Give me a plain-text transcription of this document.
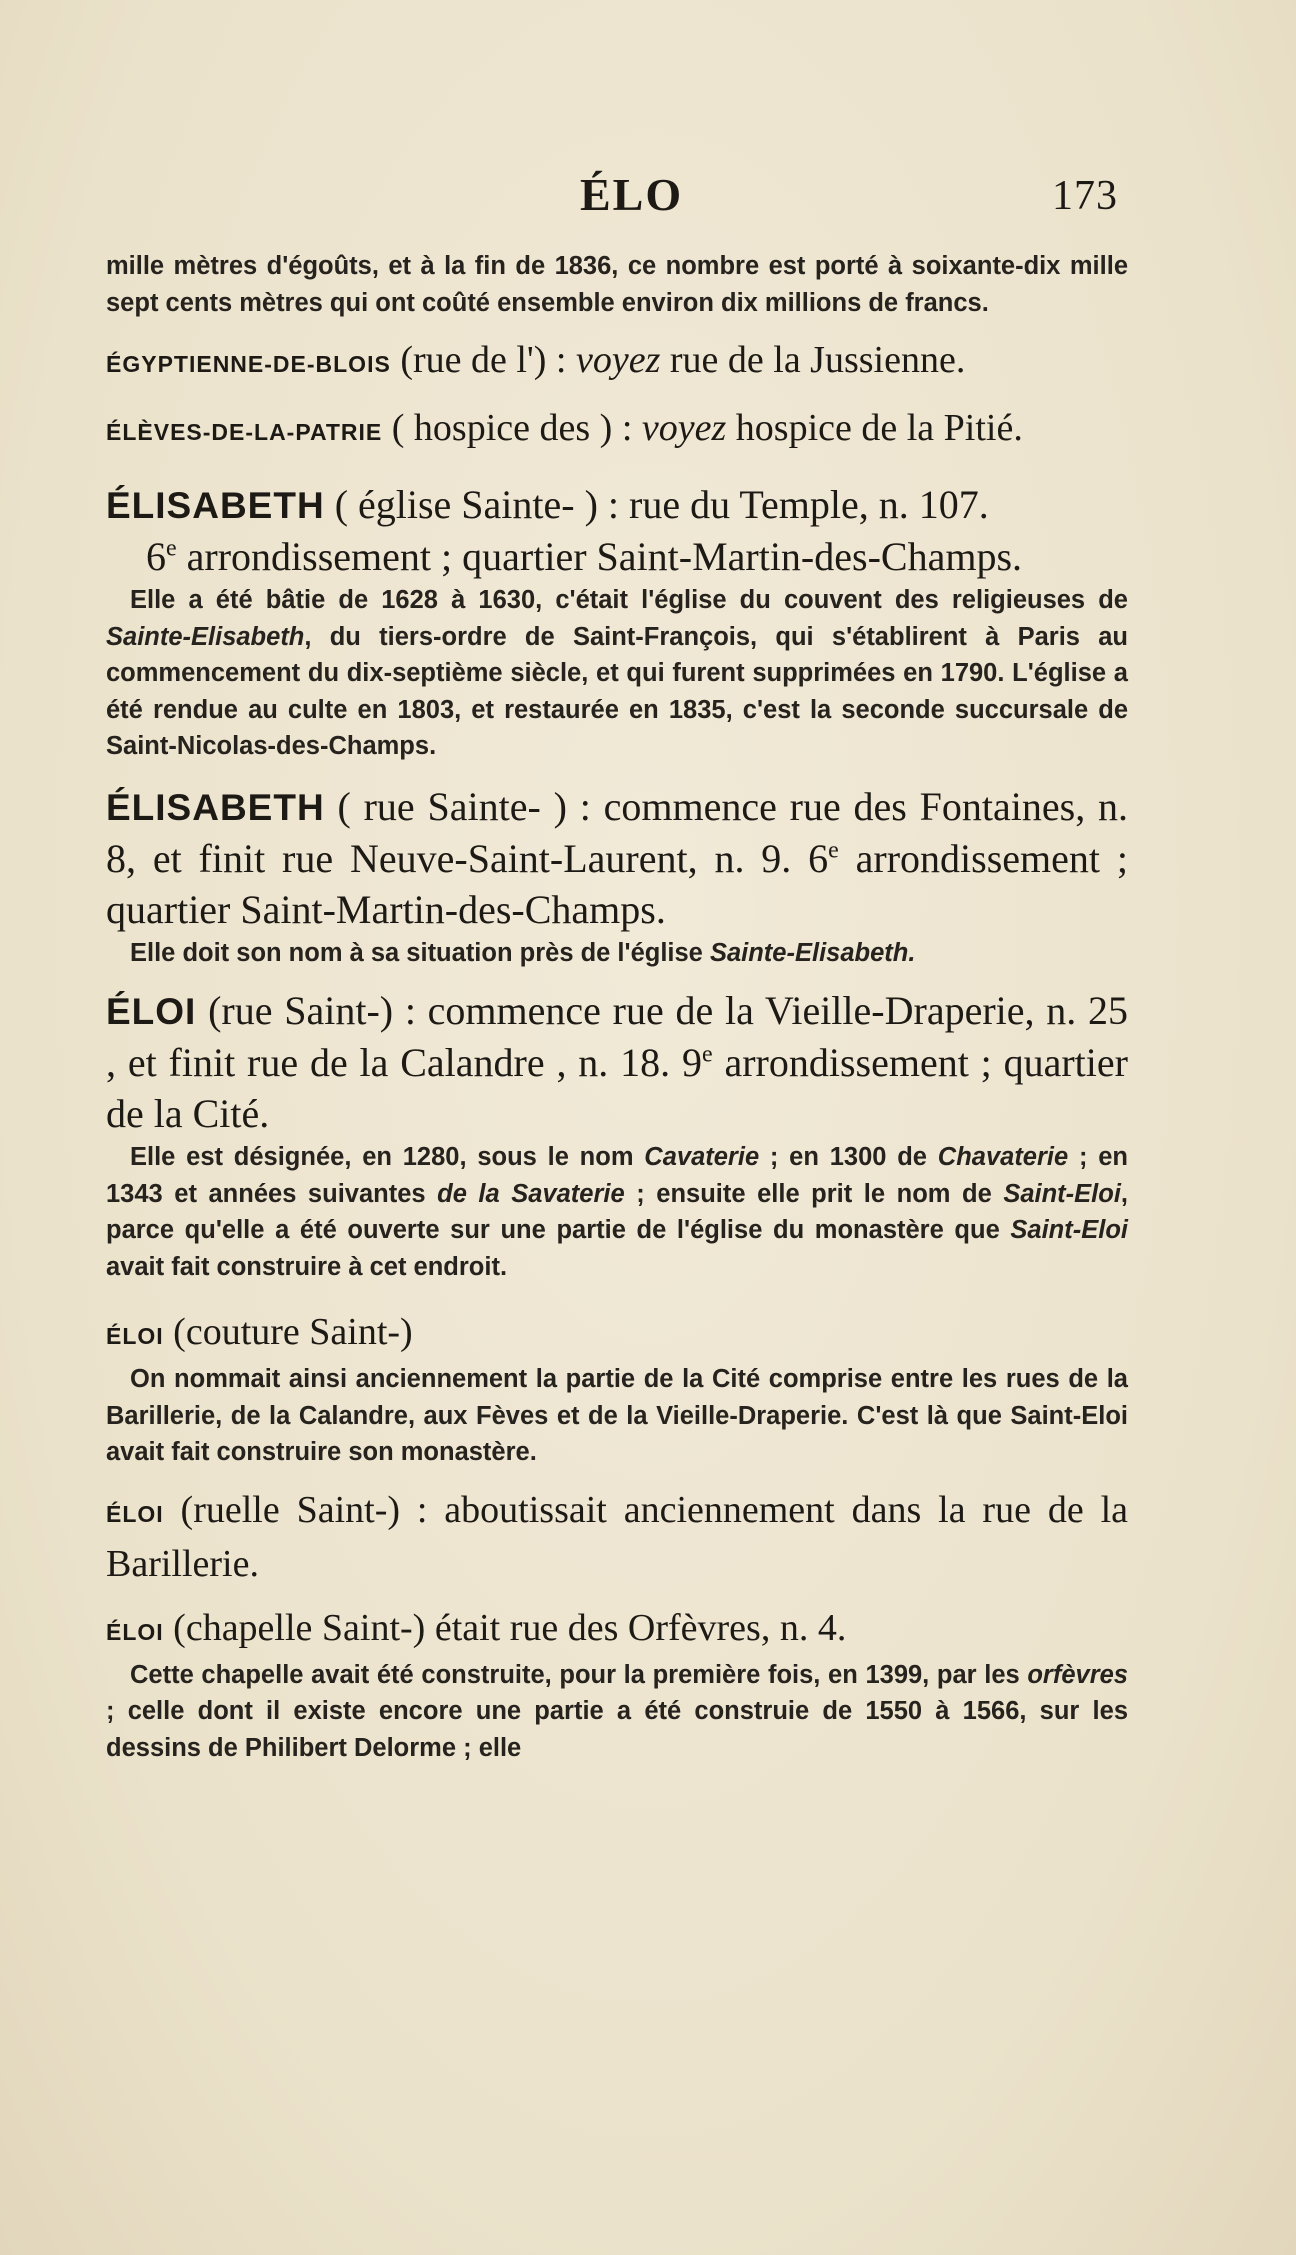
ÉLO	173

mille mètres d'égoûts, et à la fin de 1836, ce nombre est porté à soixante-dix mille sept cents mètres qui ont coûté ensemble environ dix millions de francs.

ÉGYPTIENNE-DE-BLOIS (rue de l') : voyez rue de la Jussienne.

ÉLÈVES-DE-LA-PATRIE ( hospice des ) : voyez hospice de la Pitié.

ÉLISABETH ( église Sainte- ) : rue du Temple, n. 107.
6e arrondissement ; quartier Saint-Martin-des-Champs.

Elle a été bâtie de 1628 à 1630, c'était l'église du couvent des religieuses de Sainte-Elisabeth, du tiers-ordre de Saint-François, qui s'établirent à Paris au commencement du dix-septième siècle, et qui furent supprimées en 1790. L'église a été rendue au culte en 1803, et restaurée en 1835, c'est la seconde succursale de Saint-Nicolas-des-Champs.

ÉLISABETH ( rue Sainte- ) : commence rue des Fontaines, n. 8, et finit rue Neuve-Saint-Laurent, n. 9. 6e arrondissement ; quartier Saint-Martin-des-Champs.

Elle doit son nom à sa situation près de l'église Sainte-Elisabeth.

ÉLOI (rue Saint-) : commence rue de la Vieille-Draperie, n. 25 , et finit rue de la Calandre , n. 18. 9e arrondissement ; quartier de la Cité.

Elle est désignée, en 1280, sous le nom Cavaterie ; en 1300 de Chavaterie ; en 1343 et années suivantes de la Savaterie ; ensuite elle prit le nom de Saint-Eloi, parce qu'elle a été ouverte sur une partie de l'église du monastère que Saint-Eloi avait fait construire à cet endroit.

ÉLOI (couture Saint-)

On nommait ainsi anciennement la partie de la Cité comprise entre les rues de la Barillerie, de la Calandre, aux Fèves et de la Vieille-Draperie. C'est là que Saint-Eloi avait fait construire son monastère.

ÉLOI (ruelle Saint-) : aboutissait anciennement dans la rue de la Barillerie.

ÉLOI (chapelle Saint-) était rue des Orfèvres, n. 4.

Cette chapelle avait été construite, pour la première fois, en 1399, par les orfèvres ; celle dont il existe encore une partie a été construie de 1550 à 1566, sur les dessins de Philibert Delorme ; elle
